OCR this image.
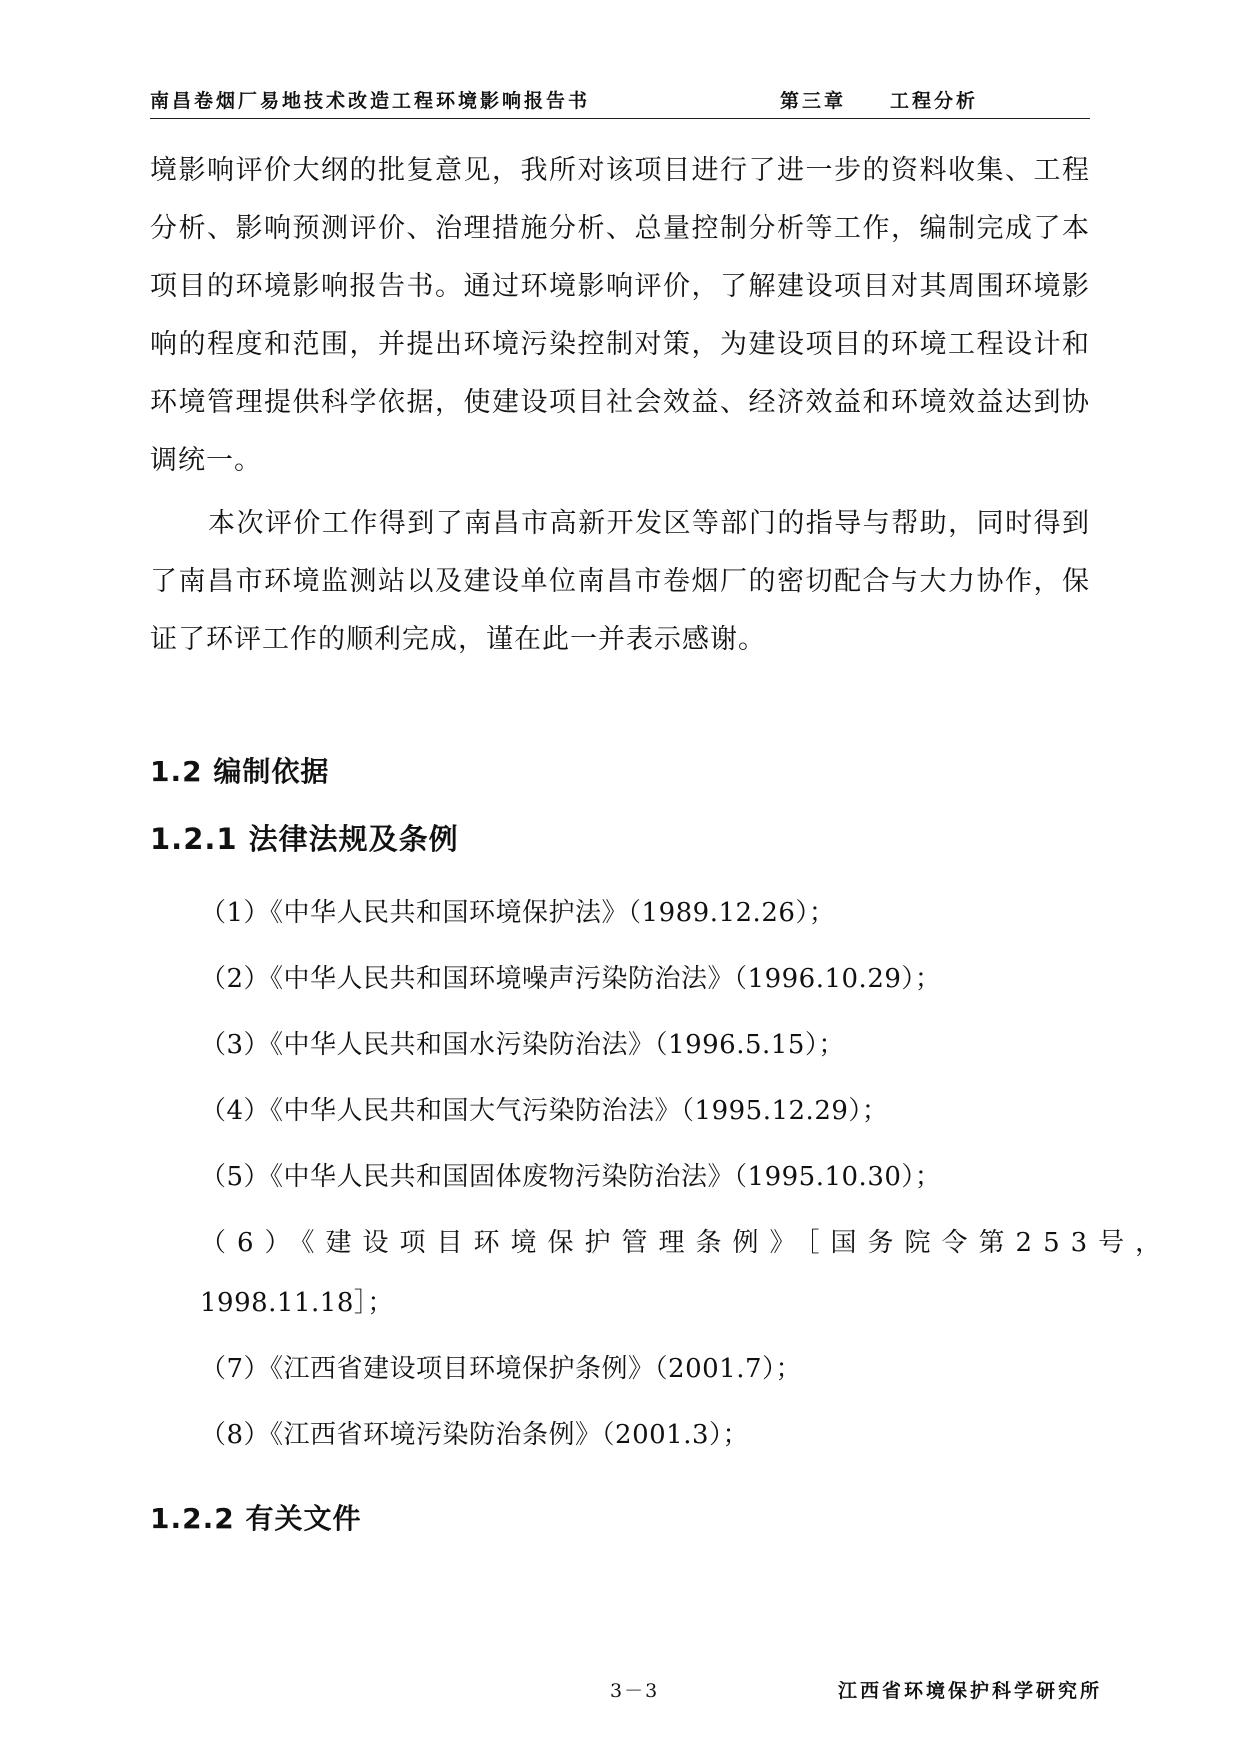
南昌卷烟厂易地技术改造工程环境影响报告书	第三章 工程分析

境影响评价大纲的批复意见，我所对该项目进行了进一步的资料收集、工程分析、影响预测评价、治理措施分析、总量控制分析等工作，编制完成了本项目的环境影响报告书。通过环境影响评价，了解建设项目对其周围环境影响的程度和范围，并提出环境污染控制对策，为建设项目的环境工程设计和环境管理提供科学依据，使建设项目社会效益、经济效益和环境效益达到协调统一。

本次评价工作得到了南昌市高新开发区等部门的指导与帮助，同时得到了南昌市环境监测站以及建设单位南昌市卷烟厂的密切配合与大力协作，保证了环评工作的顺利完成，谨在此一并表示感谢。

1.2 编制依据
1.2.1 法律法规及条例
（1）《中华人民共和国环境保护法》（1989.12.26）；
（2）《中华人民共和国环境噪声污染防治法》（1996.10.29）；
（3）《中华人民共和国水污染防治法》（1996.5.15）；
（4）《中华人民共和国大气污染防治法》（1995.12.29）；
（5）《中华人民共和国固体废物污染防治法》（1995.10.30）；
（6）《建设项目环境保护管理条例》［国务院令第253号，
1998.11.18］；
（7）《江西省建设项目环境保护条例》（2001.7）；
（8）《江西省环境污染防治条例》（2001.3）；
1.2.2 有关文件
3－3	江西省环境保护科学研究所
